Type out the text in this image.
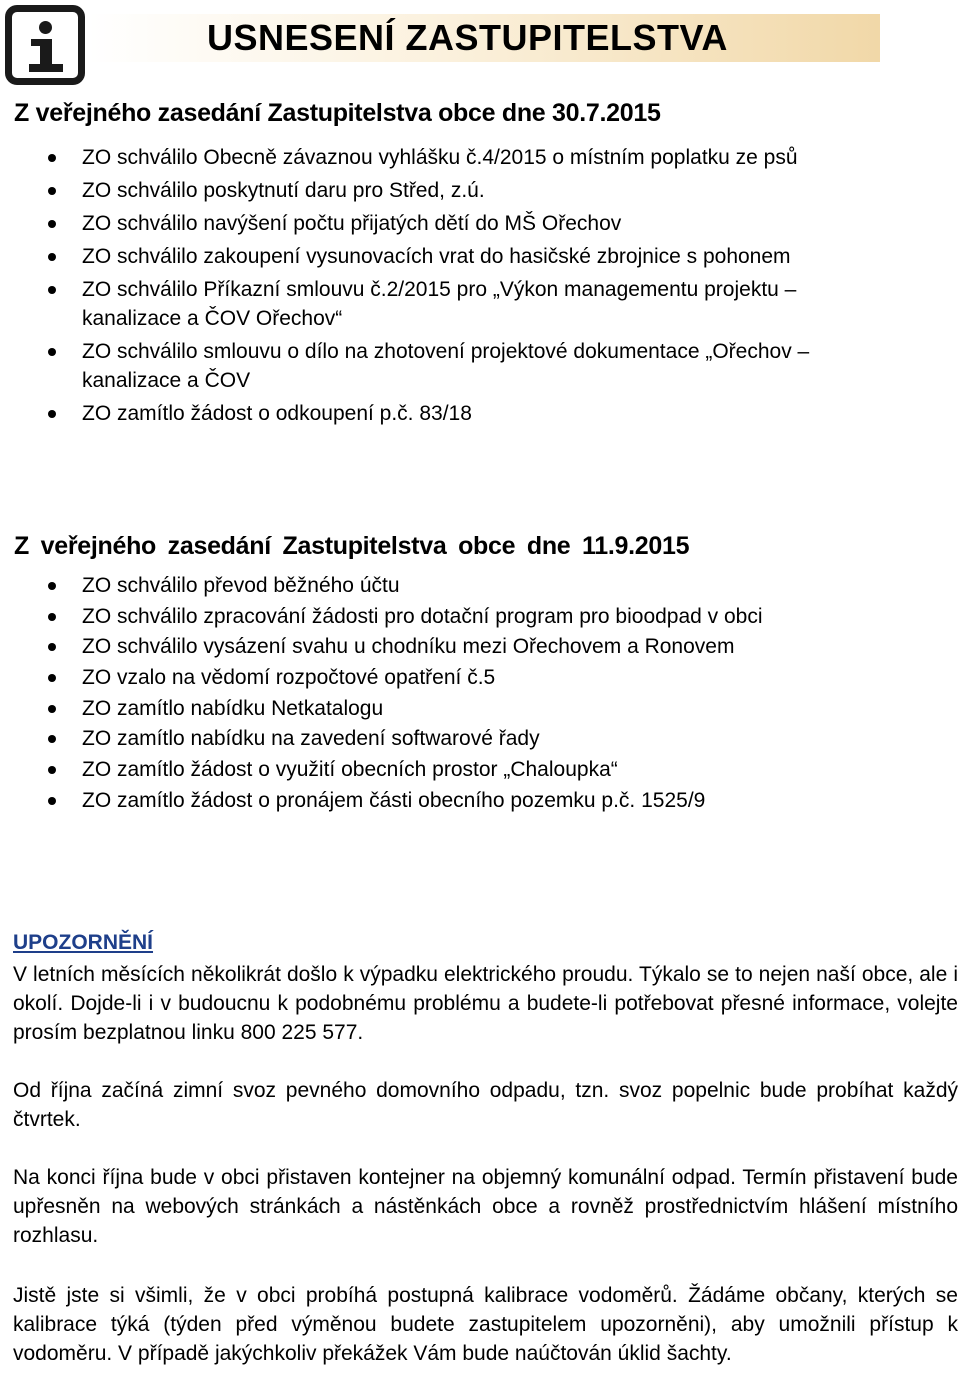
USNESENÍ ZASTUPITELSTVA
Z veřejného zasedání Zastupitelstva obce dne 30.7.2015
ZO schválilo Obecně závaznou vyhlášku č.4/2015 o místním poplatku ze psů
ZO schválilo poskytnutí daru pro Střed, z.ú.
ZO schválilo navýšení počtu přijatých dětí do MŠ Ořechov
ZO schválilo zakoupení vysunovacích vrat do hasičské zbrojnice s pohonem
ZO schválilo Příkazní smlouvu č.2/2015 pro „Výkon managementu projektu –
kanalizace a ČOV Ořechov“
ZO schválilo smlouvu o dílo na zhotovení projektové dokumentace „Ořechov –
kanalizace a ČOV
ZO zamítlo žádost o odkoupení p.č. 83/18
Z veřejného zasedání Zastupitelstva obce dne 11.9.2015
ZO schválilo převod běžného účtu
ZO schválilo zpracování žádosti pro dotační program pro bioodpad v obci
ZO schválilo vysázení svahu u chodníku mezi Ořechovem a Ronovem
ZO vzalo na vědomí rozpočtové opatření č.5
ZO zamítlo nabídku Netkatalogu
ZO zamítlo nabídku na zavedení softwarové řady
ZO zamítlo žádost o využití obecních prostor „Chaloupka“
ZO zamítlo žádost o pronájem části obecního pozemku p.č. 1525/9
UPOZORNĚNÍ

V letních měsících několikrát došlo k výpadku elektrického proudu. Týkalo se to nejen naší obce, ale i okolí. Dojde-li i v budoucnu k podobnému problému a budete-li potřebovat přesné informace, volejte prosím bezplatnou linku 800 225 577.

Od října začíná zimní svoz pevného domovního odpadu, tzn. svoz popelnic bude probíhat každý čtvrtek.

Na konci října bude v obci přistaven kontejner na objemný komunální odpad. Termín přistavení bude upřesněn na webových stránkách a nástěnkách obce a rovněž prostřednictvím hlášení místního rozhlasu.

Jistě jste si všimli, že v obci probíhá postupná kalibrace vodoměrů. Žádáme občany, kterých se kalibrace týká (týden před výměnou budete zastupitelem upozorněni), aby umožnili přístup k vodoměru. V případě jakýchkoliv překážek Vám bude naúčtován úklid šachty.
